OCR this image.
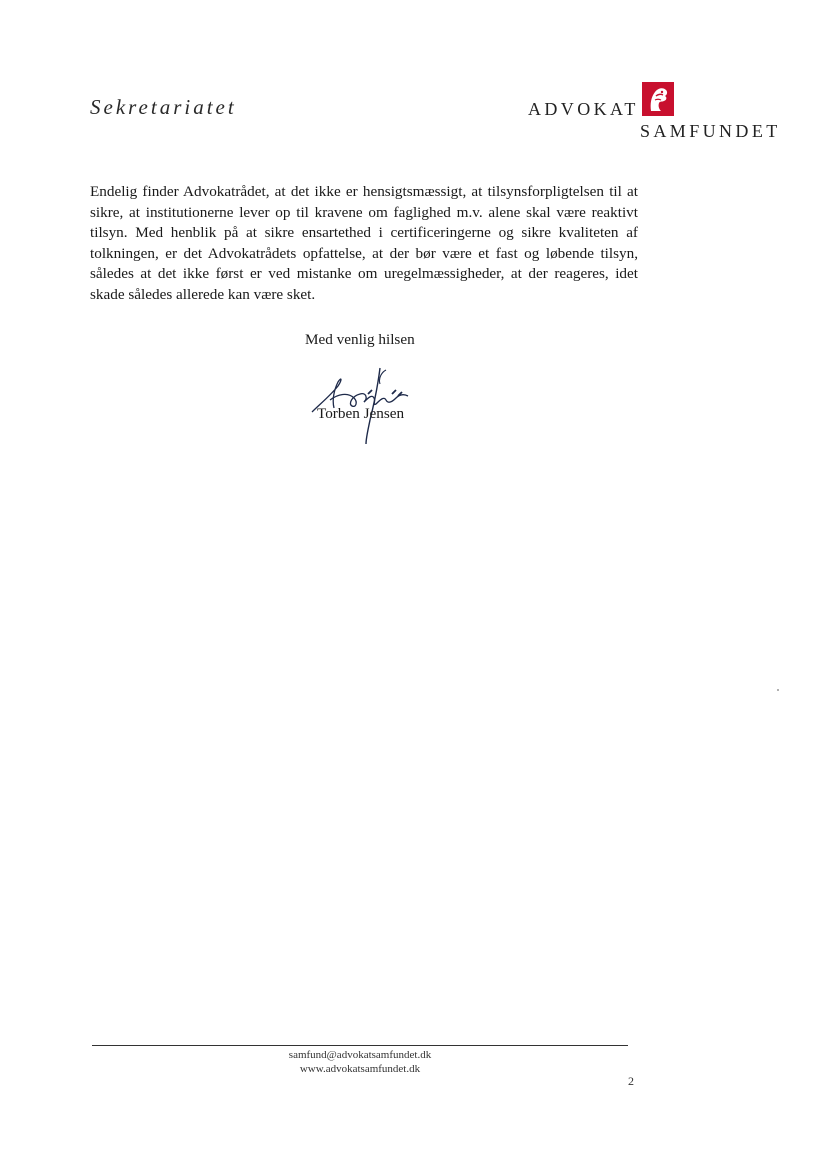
Sekretariatet	ADVOKAT
SAMFUNDET

Endelig finder Advokatrådet, at det ikke er hensigtsmæssigt, at tilsynsforpligtelsen til at sikre, at institutionerne lever op til kravene om faglighed m.v. alene skal være reaktivt tilsyn. Med henblik på at sikre ensartethed i certificeringerne og sikre kvaliteten af tolkningen, er det Advokatrådets opfattelse, at der bør være et fast og løbende tilsyn, således at det ikke først er ved mistanke om uregelmæssigheder, at der reageres, idet skade således allerede kan være sket.

Med venlig hilsen
Torben Jensen
samfund@advokatsamfundet.dk
www.advokatsamfundet.dk
2
